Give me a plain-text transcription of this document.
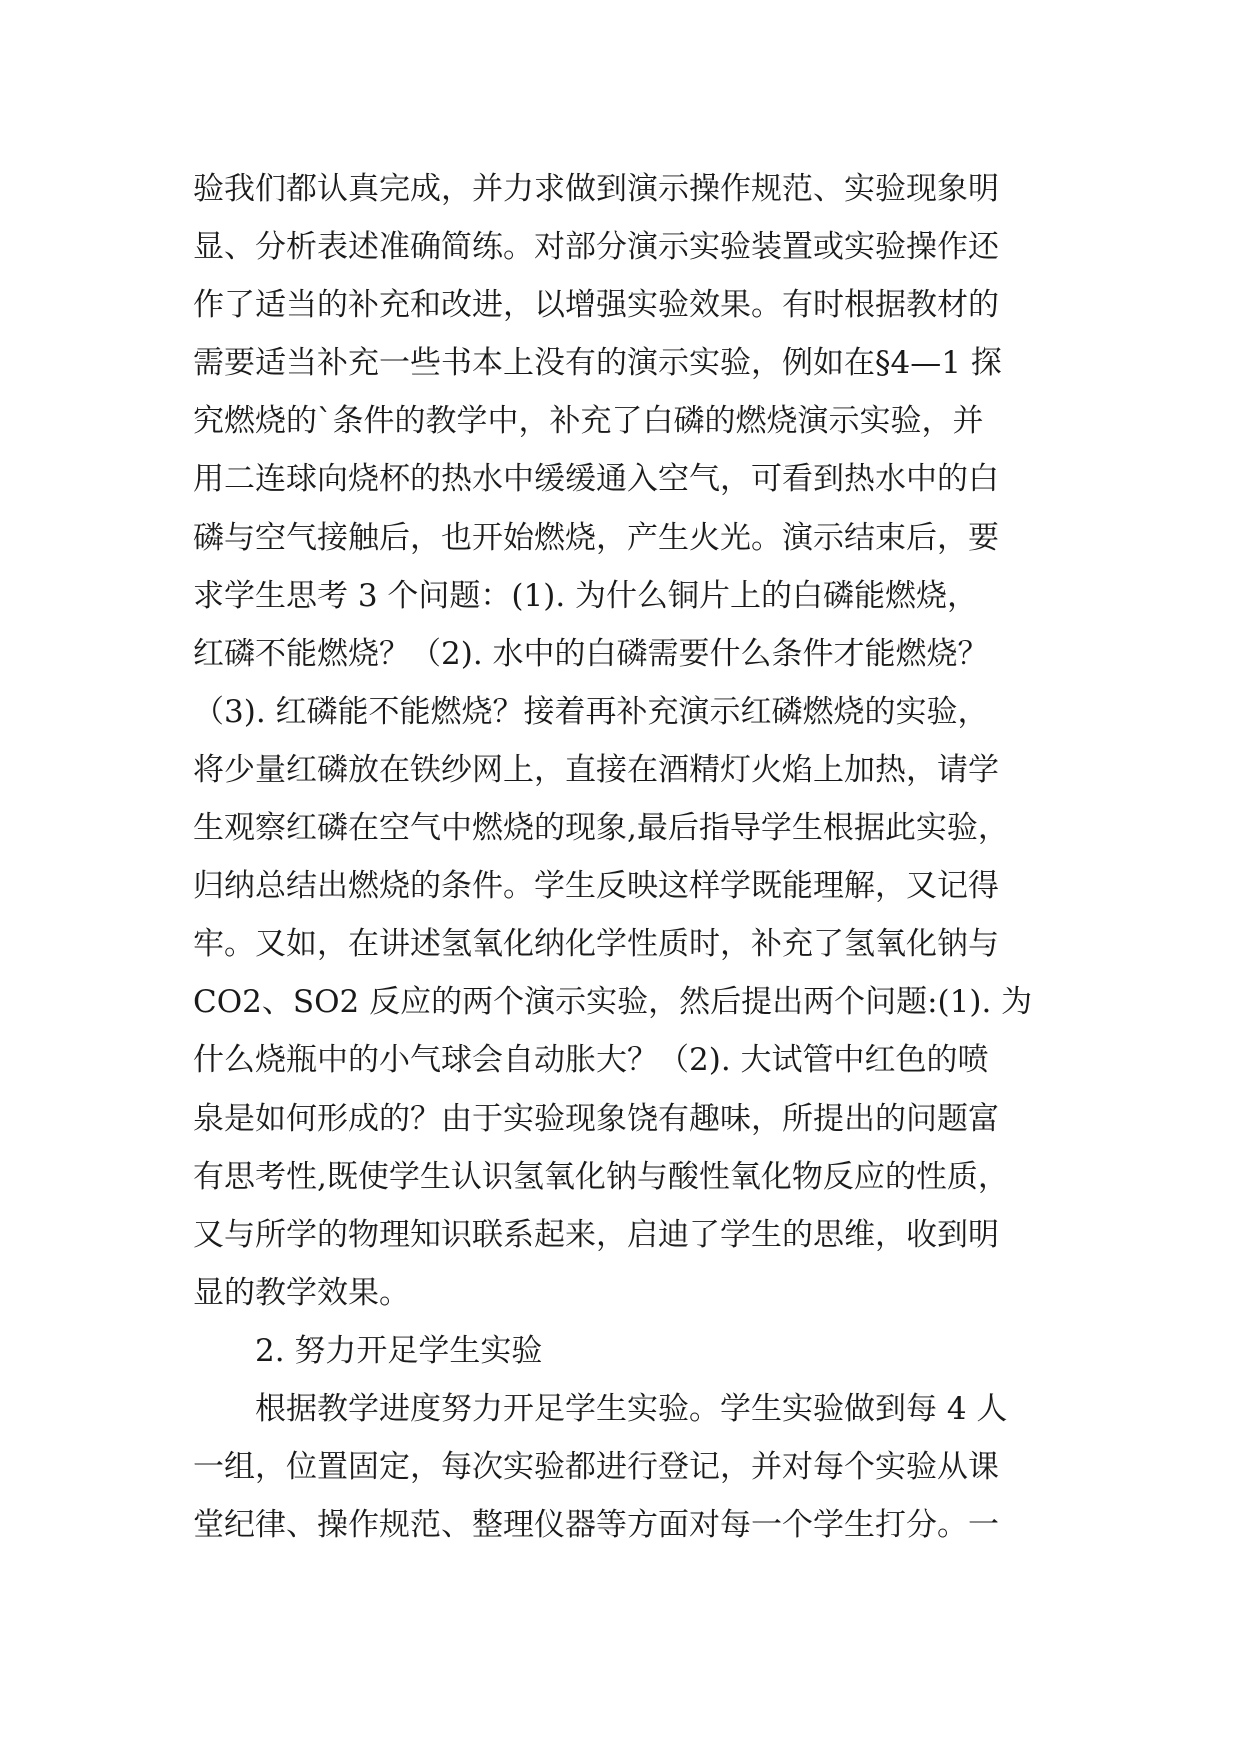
验我们都认真完成，并力求做到演示操作规范、实验现象明
显、分析表述准确简练。对部分演示实验装置或实验操作还
作了适当的补充和改进，以增强实验效果。有时根据教材的
需要适当补充一些书本上没有的演示实验，例如在§4—1 探
究燃烧的`条件的教学中，补充了白磷的燃烧演示实验，并
用二连球向烧杯的热水中缓缓通入空气，可看到热水中的白
磷与空气接触后，也开始燃烧，产生火光。演示结束后，要
求学生思考 3 个问题：(1). 为什么铜片上的白磷能燃烧，
红磷不能燃烧？（2). 水中的白磷需要什么条件才能燃烧？
（3). 红磷能不能燃烧？接着再补充演示红磷燃烧的实验，
将少量红磷放在铁纱网上，直接在酒精灯火焰上加热，请学
生观察红磷在空气中燃烧的现象,最后指导学生根据此实验，
归纳总结出燃烧的条件。学生反映这样学既能理解，又记得
牢。又如，在讲述氢氧化纳化学性质时，补充了氢氧化钠与
CO2、SO2 反应的两个演示实验，然后提出两个问题:(1). 为
什么烧瓶中的小气球会自动胀大？（2). 大试管中红色的喷
泉是如何形成的？由于实验现象饶有趣味，所提出的问题富
有思考性,既使学生认识氢氧化钠与酸性氧化物反应的性质，
又与所学的物理知识联系起来，启迪了学生的思维，收到明
显的教学效果。
2. 努力开足学生实验
根据教学进度努力开足学生实验。学生实验做到每 4 人
一组，位置固定，每次实验都进行登记，并对每个实验从课
堂纪律、操作规范、整理仪器等方面对每一个学生打分。一
